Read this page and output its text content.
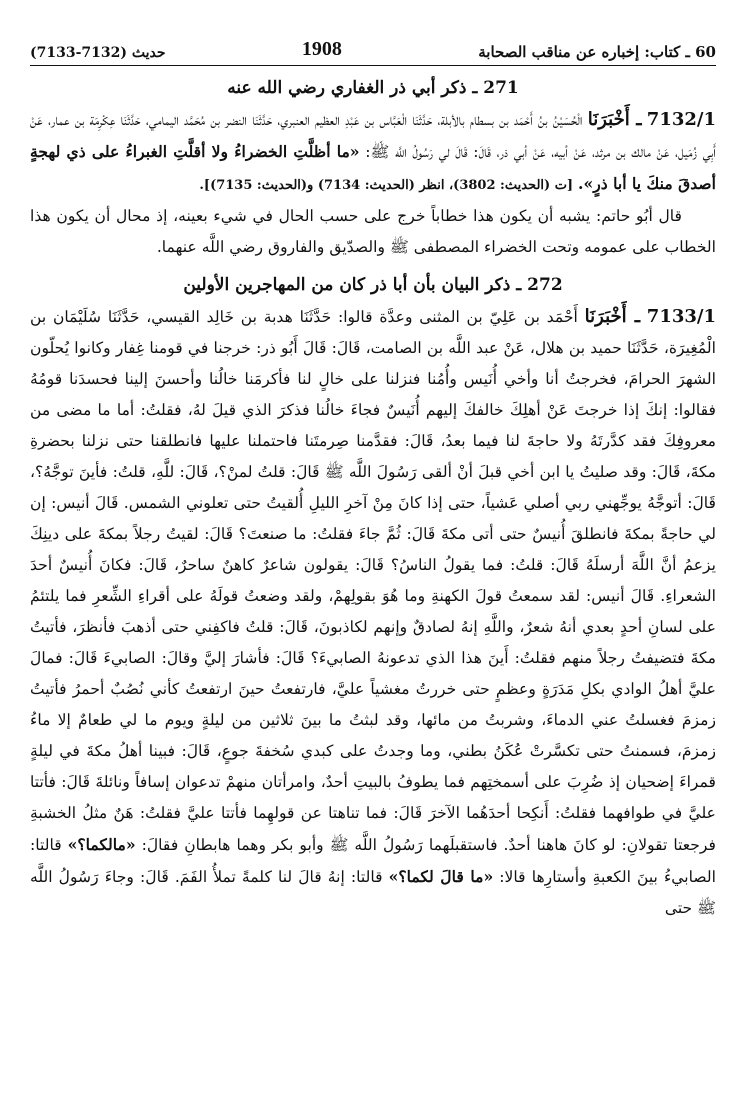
60 ـ كتاب: إخباره عن مناقب الصحابة
1908
حديث (7132-7133)
271 ـ ذكر أبي ذر الغفاري رضي الله عنه

7132/1 ـ أَخْبَرَنَا الْحُسَيْنُ بنُ أَحْمَد بن بسطام بالأبلة، حَدَّثَنَا الْعَبَّاس بن عَبْدِ العظيم العنبري، حَدَّثَنَا النضر بن مُحَمَّد اليمامي، حَدَّثَنَا عِكْرِمَة بن عمار، عَنْ أَبِي زُمَيل، عَنْ مالك بن مرثد، عَنْ أبيه، عَنْ أبي ذر، قَالَ: قَالَ لي رَسُولُ اللَّه ﷺ: «ما أظلَّتِ الخضراءُ ولا أقلَّتِ الغبراءُ على ذي لهجةٍ أصدقَ منكَ يا أبا ذرٍ». [ت (الحديث: 3802)، انظر (الحديث: 7134) و(الحديث: 7135)].

قال أبُو حاتم: يشبه أن يكون هذا خطاباً خرج على حسب الحال في شيء بعينه، إذ محال أن يكون هذا الخطاب على عمومه وتحت الخضراء المصطفى ﷺ والصدّيق والفاروق رضي اللَّه عنهما.

272 ـ ذكر البيان بأن أبا ذر كان من المهاجرين الأولين

7133/1 ـ أَخْبَرَنَا أَحْمَد بن عَلِيّ بن المثنى وعدَّة قالوا: حَدَّثَنَا هدبة بن خَالِد القيسي، حَدَّثَنَا سُلَيْمَان بن الْمُغِيرَة، حَدَّثَنَا حميد بن هلال، عَنْ عبد اللَّه بن الصامت، قَالَ: قَالَ أَبُو ذر: خرجنا في قومنا غِفار وكانوا يُحلّون الشهرَ الحرامَ، فخرجتُ أنا وأخي أُنَيس وأُمُنا فنزلنا على خالٍ لنا فأكرمَنا خالُنا وأحسنَ إلينا فحسدَنا قومُهُ فقالوا: إنكَ إذا خرجتَ عَنْ أهلِكَ خالفكَ إليهم أُنَيسٌ فجاءَ خالُنا فذكرَ الذي قيلَ لهُ، فقلتُ: أما ما مضى من معروفِكَ فقد كدَّرتَهُ ولا حاجةَ لنا فيما بعدُ، قَالَ: فقدَّمنا صِرمتَنا فاحتملنا عليها فانطلقنا حتى نزلنا بحضرةِ مكةَ، قَالَ: وقد صليتُ يا ابن أخي قبلَ أنْ ألقى رَسُولَ اللَّه ﷺ قَالَ: قلتُ لمنْ؟، قَالَ: للَّهِ، قلتُ: فأينَ توجَّهُ؟، قَالَ: أتوجَّهُ يوجِّهني ربي أصلي عَشياً، حتى إذا كانَ مِنْ آخرِ الليلِ أُلقيتُ حتى تعلوني الشمس. قَالَ أنيس: إن لي حاجةً بمكةَ فانطلقَ أُنيسٌ حتى أتى مكةَ قَالَ: ثُمَّ جاءَ فقلتُ: ما صنعتَ؟ قَالَ: لقيتُ رجلاً بمكةَ على دينِكَ يزعمُ أنَّ اللَّهَ أرسلَهُ قَالَ: قلتُ: فما يقولُ الناسُ؟ قَالَ: يقولون شاعرٌ كاهنٌ ساحرٌ، قَالَ: فكانَ أُنيسٌ أحدَ الشعراءِ. قَالَ أنيس: لقد سمعتُ قولَ الكهنةِ وما هُوَ بقولِهمْ، ولقد وضعتُ قولَهُ على أقراءِ الشِّعرِ فما يلتئمُ على لسانِ أحدٍ بعدي أنهُ شعرٌ، واللَّهِ إنهُ لصادقٌ وإنهم لكاذبونَ، قَالَ: قلتُ فاكفِني حتى أذهبَ فأنظرَ، فأتيتُ مكةَ فتضيفتُ رجلاً منهم فقلتُ: أَينَ هذا الذي تدعونهُ الصابيءَ؟ قَالَ: فأشارَ إليَّ وقالَ: الصابيءَ قَالَ: فمالَ عليَّ أهلُ الوادي بكلِ مَدَرَةٍ وعظمٍ حتى خررتُ مغشياً عليَّ، فارتفعتُ حينَ ارتفعتُ كأني نُصُبٌ أحمرُ فأتيتُ زمزمَ فغسلتُ عني الدماءَ، وشربتُ من مائها، وقد لبثتُ ما بينَ ثلاثين من ليلةٍ ويوم ما لي طعامٌ إلا ماءُ زمزمَ، فسمنتُ حتى تكسَّرتْ عُكَنُ بطني، وما وجدتُ على كبدي سُخفةَ جوعٍ، قَالَ: فبينا أهلُ مكةَ في ليلةٍ قمراءَ إضحيان إذ ضُرِبَ على أسمختِهم فما يطوفُ بالبيتِ أحدٌ، وامرأتان منهمْ تدعوان إسافاً ونائلةَ قَالَ: فأتتا عليَّ في طوافهما فقلتُ: أَنكِحا أحدَهُما الآخرَ قَالَ: فما تناهتا عن قولهِما فأتتا عليَّ فقلتُ: هَنٌ مثلُ الخشبةِ فرجعتا تقولانِ: لو كانَ هاهنا أحدٌ. فاستقبلَهما رَسُولُ اللَّه ﷺ وأبو بكر وهما هابطانِ فقالَ: «مالكما؟» قالتا: الصابيءُ بينَ الكعبةِ وأستارِها قالا: «ما قالَ لكما؟» قالتا: إنهُ قالَ لنا كلمةً تملأُ الفَمَ. قَالَ: وجاءَ رَسُولُ اللَّه ﷺ حتى
